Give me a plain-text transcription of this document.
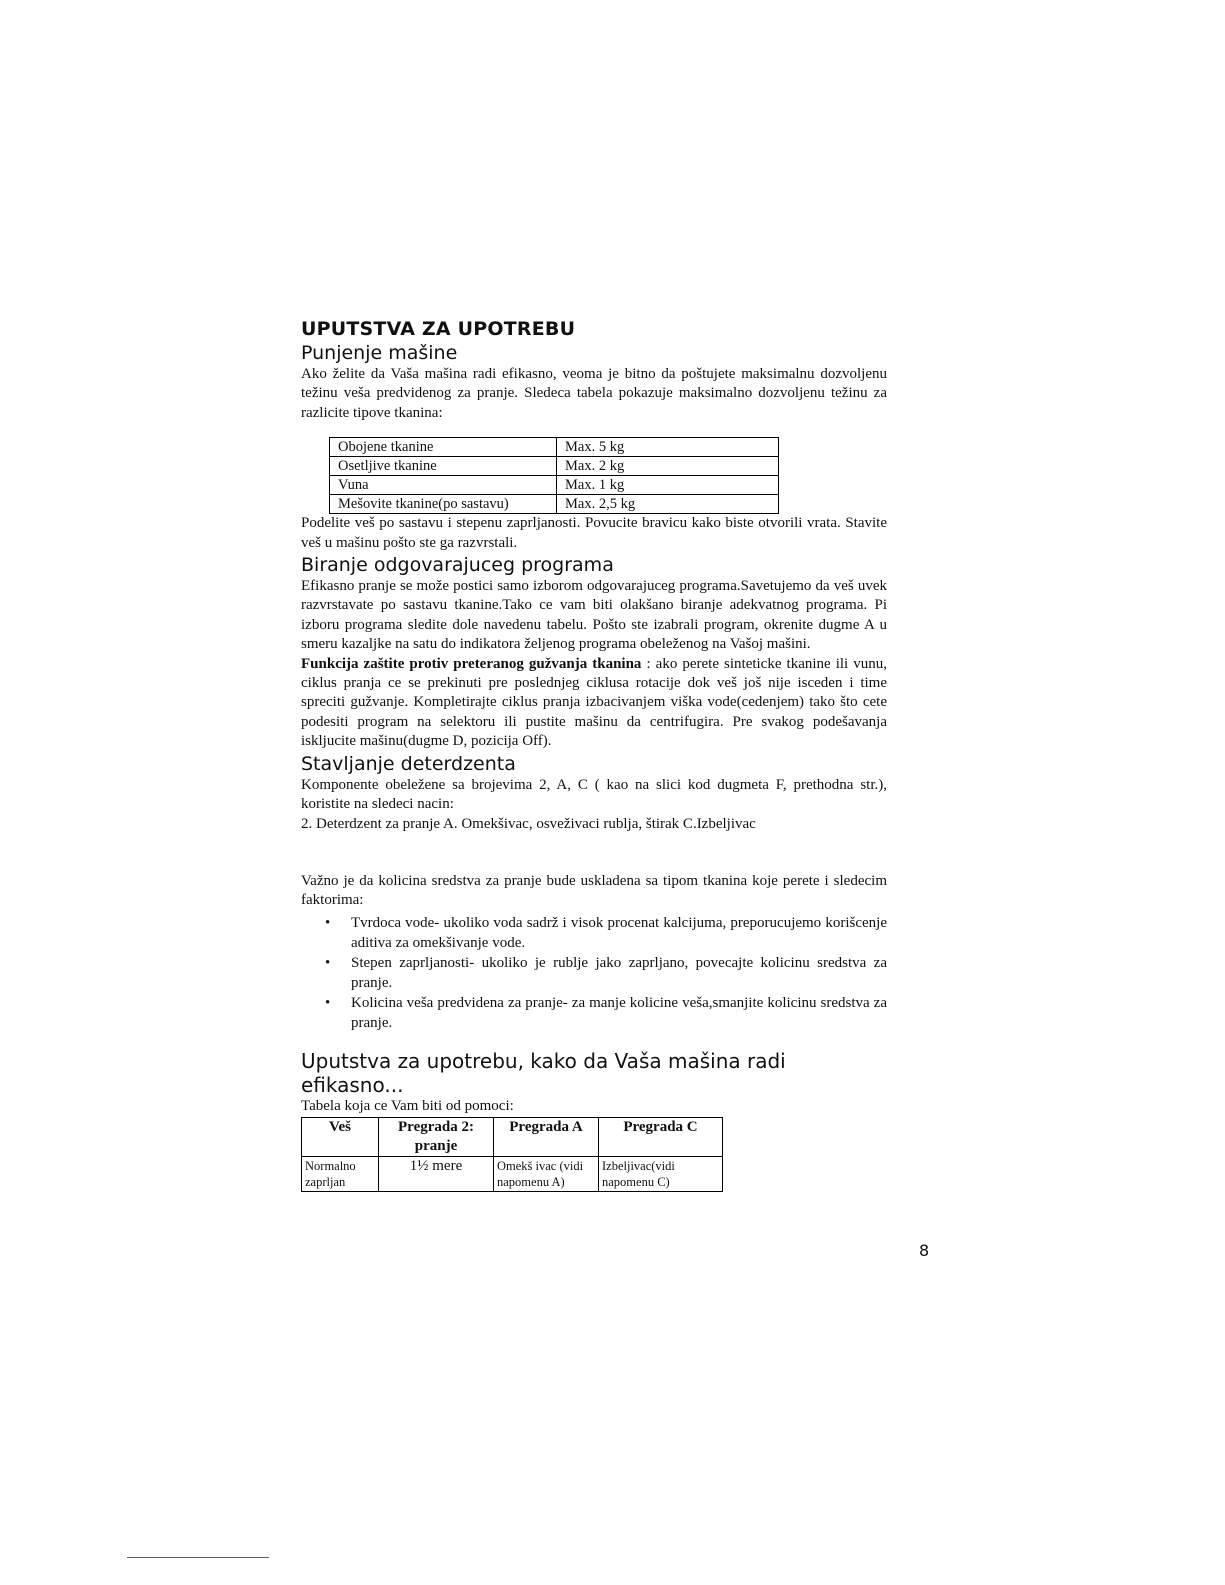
UPUTSTVA ZA UPOTREBU
Punjenje mašine

Ako želite da Vaša mašina radi efikasno, veoma je bitno da poštujete maksimalnu dozvoljenu težinu veša predvidenog za pranje. Sledeca tabela pokazuje maksimalno dozvoljenu težinu za razlicite tipove tkanina:

Obojene tkanine	Max. 5 kg
Osetljive tkanine	Max. 2 kg
Vuna	Max. 1 kg
Mešovite tkanine(po sastavu)	Max. 2,5 kg

Podelite veš po sastavu i stepenu zaprljanosti. Povucite bravicu kako biste otvorili vrata. Stavite veš u mašinu pošto ste ga razvrstali.

Biranje odgovarajuceg programa

Efikasno pranje se može postici samo izborom odgovarajuceg programa.Savetujemo da veš uvek razvrstavate po sastavu tkanine.Tako ce vam biti olakšano biranje adekvatnog programa. Pi izboru programa sledite dole navedenu tabelu. Pošto ste izabrali program, okrenite dugme A u smeru kazaljke na satu do indikatora željenog programa obeleženog na Vašoj mašini.

Funkcija zaštite protiv preteranog gužvanja tkanina : ako perete sinteticke tkanine ili vunu, ciklus pranja ce se prekinuti pre poslednjeg ciklusa rotacije dok veš još nije isceden i time spreciti gužvanje. Kompletirajte ciklus pranja izbacivanjem viška vode(cedenjem) tako što cete podesiti program na selektoru ili pustite mašinu da centrifugira. Pre svakog podešavanja iskljucite mašinu(dugme D, pozicija Off).

Stavljanje deterdzenta

Komponente obeležene sa brojevima 2, A, C ( kao na slici kod dugmeta F, prethodna str.), koristite na sledeci nacin:

2. Deterdzent za pranje A. Omekšivac, osveživaci rublja, štirak C.Izbeljivac

Važno je da kolicina sredstva za pranje bude uskladena sa tipom tkanina koje perete i sledecim faktorima:

• Tvrdoca vode- ukoliko voda sadrž i visok procenat kalcijuma, preporucujemo korišcenje aditiva za omekšivanje vode.
• Stepen zaprljanosti- ukoliko je rublje jako zaprljano, povecajte kolicinu sredstva za pranje.
• Kolicina veša predvidena za pranje- za manje kolicine veša,smanjite kolicinu sredstva za pranje.
Uputstva za upotrebu, kako da Vaša mašina radi efikasno...

Tabela koja ce Vam biti od pomoci:

Veš	Pregrada 2: pranje	Pregrada A	Pregrada C
Normalno zaprljan	1½ mere	Omekš ivac (vidi napomenu A)	Izbeljivac(vidi napomenu C)
8
